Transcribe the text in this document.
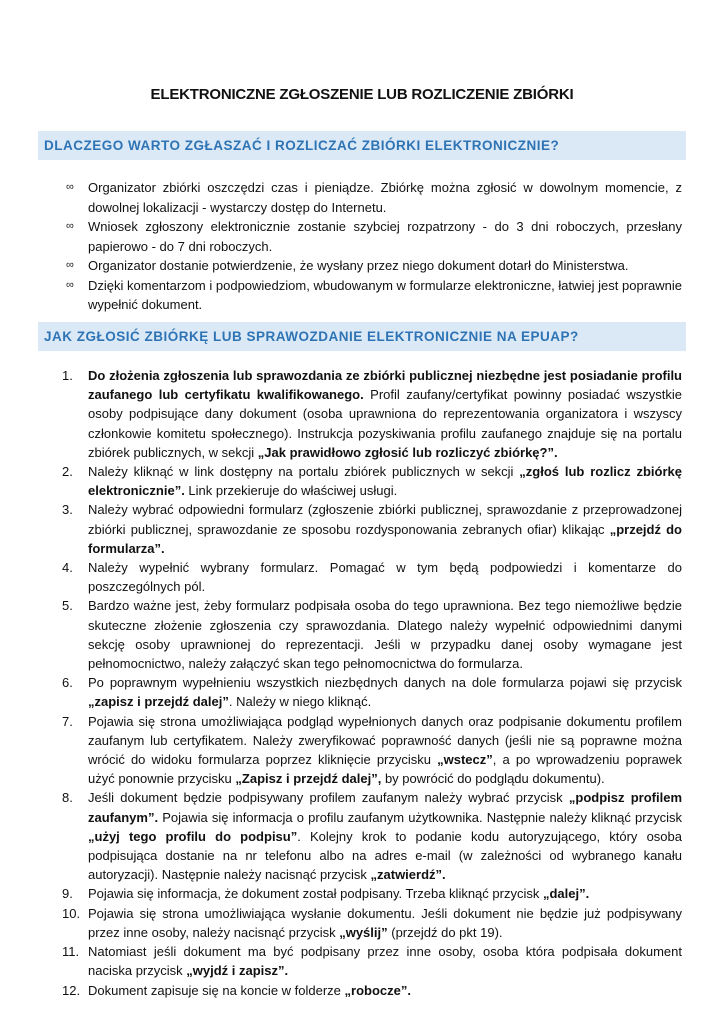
ELEKTRONICZNE ZGŁOSZENIE LUB ROZLICZENIE ZBIÓRKI
DLACZEGO WARTO ZGŁASZAĆ I ROZLICZAĆ ZBIÓRKI ELEKTRONICZNIE?
∞ Organizator zbiórki oszczędzi czas i pieniądze. Zbiórkę można zgłosić w dowolnym momencie, z dowolnej lokalizacji - wystarczy dostęp do Internetu.
∞ Wniosek zgłoszony elektronicznie zostanie szybciej rozpatrzony - do 3 dni roboczych, przesłany papierowo - do 7 dni roboczych.
∞ Organizator dostanie potwierdzenie, że wysłany przez niego dokument dotarł do Ministerstwa.
∞ Dzięki komentarzom i podpowiedziom, wbudowanym w formularze elektroniczne, łatwiej jest poprawnie wypełnić dokument.
JAK ZGŁOSIĆ ZBIÓRKĘ LUB SPRAWOZDANIE ELEKTRONICZNIE NA EPUAP?
1. Do złożenia zgłoszenia lub sprawozdania ze zbiórki publicznej niezbędne jest posiadanie profilu zaufanego lub certyfikatu kwalifikowanego. Profil zaufany/certyfikat powinny posiadać wszystkie osoby podpisujące dany dokument (osoba uprawniona do reprezentowania organizatora i wszyscy członkowie komitetu społecznego). Instrukcja pozyskiwania profilu zaufanego znajduje się na portalu zbiórek publicznych, w sekcji „Jak prawidłowo zgłosić lub rozliczyć zbiórkę?”.
2. Należy kliknąć w link dostępny na portalu zbiórek publicznych w sekcji „zgłoś lub rozlicz zbiórkę elektronicznie”. Link przekieruje do właściwej usługi.
3. Należy wybrać odpowiedni formularz (zgłoszenie zbiórki publicznej, sprawozdanie z przeprowadzonej zbiórki publicznej, sprawozdanie ze sposobu rozdysponowania zebranych ofiar) klikając „przejdź do formularza”.
4. Należy wypełnić wybrany formularz. Pomagać w tym będą podpowiedzi i komentarze do poszczególnych pól.
5. Bardzo ważne jest, żeby formularz podpisała osoba do tego uprawniona. Bez tego niemożliwe będzie skuteczne złożenie zgłoszenia czy sprawozdania. Dlatego należy wypełnić odpowiednimi danymi sekcję osoby uprawnionej do reprezentacji. Jeśli w przypadku danej osoby wymagane jest pełnomocnictwo, należy załączyć skan tego pełnomocnictwa do formularza.
6. Po poprawnym wypełnieniu wszystkich niezbędnych danych na dole formularza pojawi się przycisk „zapisz i przejdź dalej”. Należy w niego kliknąć.
7. Pojawia się strona umożliwiająca podgląd wypełnionych danych oraz podpisanie dokumentu profilem zaufanym lub certyfikatem. Należy zweryfikować poprawność danych (jeśli nie są poprawne można wrócić do widoku formularza poprzez kliknięcie przycisku „wstecz”, a po wprowadzeniu poprawek użyć ponownie przycisku „Zapisz i przejdź dalej”, by powrócić do podglądu dokumentu).
8. Jeśli dokument będzie podpisywany profilem zaufanym należy wybrać przycisk „podpisz profilem zaufanym”. Pojawia się informacja o profilu zaufanym użytkownika. Następnie należy kliknąć przycisk „użyj tego profilu do podpisu”. Kolejny krok to podanie kodu autoryzującego, który osoba podpisująca dostanie na nr telefonu albo na adres e-mail (w zależności od wybranego kanału autoryzacji). Następnie należy nacisnąć przycisk „zatwierdź”.
9. Pojawia się informacja, że dokument został podpisany. Trzeba kliknąć przycisk „dalej”.
10. Pojawia się strona umożliwiająca wysłanie dokumentu. Jeśli dokument nie będzie już podpisywany przez inne osoby, należy nacisnąć przycisk „wyślij” (przejdź do pkt 19).
11. Natomiast jeśli dokument ma być podpisany przez inne osoby, osoba która podpisała dokument naciska przycisk „wyjdź i zapisz”.
12. Dokument zapisuje się na koncie w folderze „robocze”.
